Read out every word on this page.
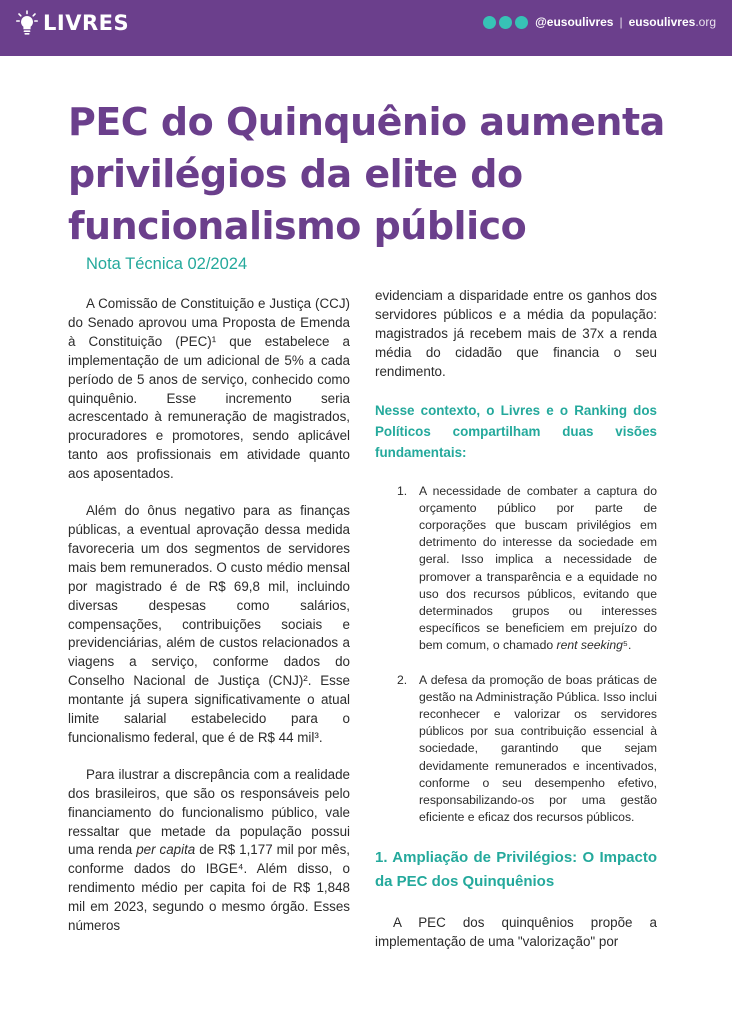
LIVRES	@eusoulivres | eusoulivres.org
PEC do Quinquênio aumenta privilégios da elite do funcionalismo público
Nota Técnica 02/2024

A Comissão de Constituição e Justiça (CCJ) do Senado aprovou uma Proposta de Emenda à Constituição (PEC)¹ que estabelece a implementação de um adicional de 5% a cada período de 5 anos de serviço, conhecido como quinquênio. Esse incremento seria acrescentado à remuneração de magistrados, procuradores e promotores, sendo aplicável tanto aos profissionais em atividade quanto aos aposentados.

Além do ônus negativo para as finanças públicas, a eventual aprovação dessa medida favoreceria um dos segmentos de servidores mais bem remunerados. O custo médio mensal por magistrado é de R$ 69,8 mil, incluindo diversas despesas como salários, compensações, contribuições sociais e previdenciárias, além de custos relacionados a viagens a serviço, conforme dados do Conselho Nacional de Justiça (CNJ)². Esse montante já supera significativamente o atual limite salarial estabelecido para o funcionalismo federal, que é de R$ 44 mil³.

Para ilustrar a discrepância com a realidade dos brasileiros, que são os responsáveis pelo financiamento do funcionalismo público, vale ressaltar que metade da população possui uma renda per capita de R$ 1,177 mil por mês, conforme dados do IBGE⁴. Além disso, o rendimento médio per capita foi de R$ 1,848 mil em 2023, segundo o mesmo órgão. Esses números

evidenciam a disparidade entre os ganhos dos servidores públicos e a média da população: magistrados já recebem mais de 37x a renda média do cidadão que financia o seu rendimento.

Nesse contexto, o Livres e o Ranking dos Políticos compartilham duas visões fundamentais:

1. A necessidade de combater a captura do orçamento público por parte de corporações que buscam privilégios em detrimento do interesse da sociedade em geral. Isso implica a necessidade de promover a transparência e a equidade no uso dos recursos públicos, evitando que determinados grupos ou interesses específicos se beneficiem em prejuízo do bem comum, o chamado rent seeking⁵.
2. A defesa da promoção de boas práticas de gestão na Administração Pública. Isso inclui reconhecer e valorizar os servidores públicos por sua contribuição essencial à sociedade, garantindo que sejam devidamente remunerados e incentivados, conforme o seu desempenho efetivo, responsabilizando-os por uma gestão eficiente e eficaz dos recursos públicos.
1. Ampliação de Privilégios: O Impacto da PEC dos Quinquênios

A PEC dos quinquênios propõe a implementação de uma "valorização" por
